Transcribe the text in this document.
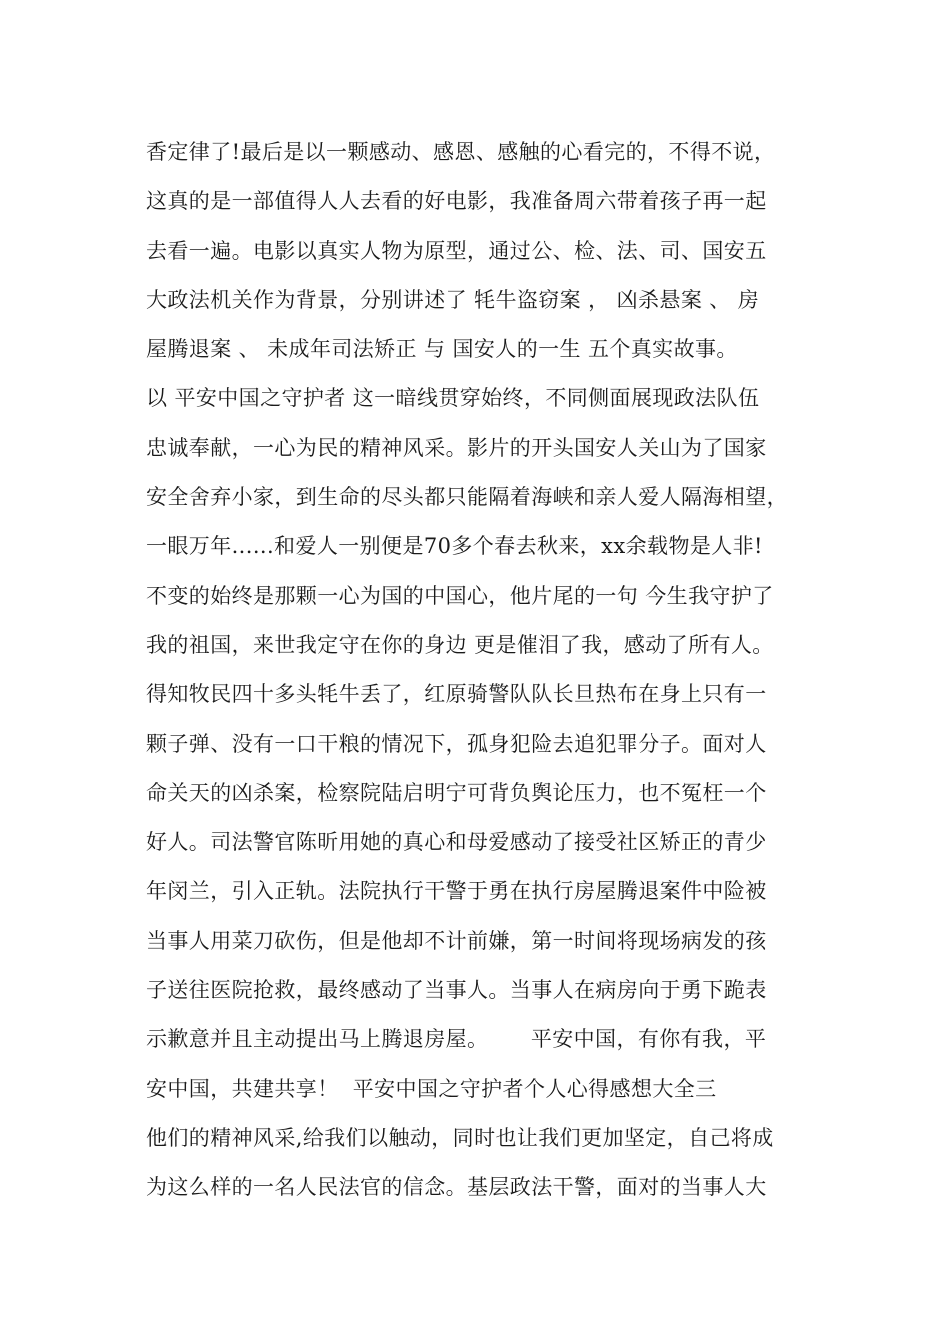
香定律了!最后是以一颗感动、感恩、感触的心看完的，不得不说，
这真的是一部值得人人去看的好电影，我准备周六带着孩子再一起
去看一遍。电影以真实人物为原型，通过公、检、法、司、国安五
大政法机关作为背景，分别讲述了 牦牛盗窃案 ， 凶杀悬案 、 房
屋腾退案 、 未成年司法矫正 与 国安人的一生 五个真实故事。
以 平安中国之守护者 这一暗线贯穿始终，不同侧面展现政法队伍
忠诚奉献，一心为民的精神风采。影片的开头国安人关山为了国家
安全舍弃小家，到生命的尽头都只能隔着海峡和亲人爱人隔海相望，
一眼万年......和爱人一别便是70多个春去秋来，xx余载物是人非!
不变的始终是那颗一心为国的中国心，他片尾的一句 今生我守护了
我的祖国，来世我定守在你的身边 更是催泪了我，感动了所有人。
得知牧民四十多头牦牛丢了，红原骑警队队长旦热布在身上只有一
颗子弹、没有一口干粮的情况下，孤身犯险去追犯罪分子。面对人
命关天的凶杀案，检察院陆启明宁可背负舆论压力，也不冤枉一个
好人。司法警官陈昕用她的真心和母爱感动了接受社区矫正的青少
年闵兰，引入正轨。法院执行干警于勇在执行房屋腾退案件中险被
当事人用菜刀砍伤，但是他却不计前嫌，第一时间将现场病发的孩
子送往医院抢救，最终感动了当事人。当事人在病房向于勇下跪表
示歉意并且主动提出马上腾退房屋。      平安中国，有你有我，平
安中国，共建共享！  平安中国之守护者个人心得感想大全三
他们的精神风采,给我们以触动，同时也让我们更加坚定，自己将成
为这么样的一名人民法官的信念。基层政法干警，面对的当事人大
